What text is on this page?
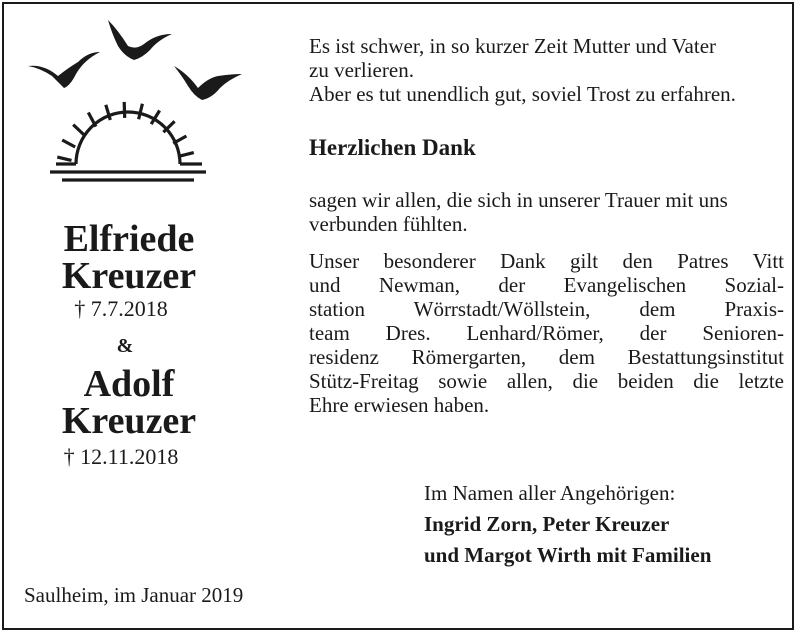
Elfriede
Kreuzer
† 7.7.2018
&
Adolf
Kreuzer
† 12.11.2018
Saulheim, im Januar 2019
Es ist schwer, in so kurzer Zeit Mutter und Vater
zu verlieren.
Aber es tut unendlich gut, soviel Trost zu erfahren.
Herzlichen Dank
sagen wir allen, die sich in unserer Trauer mit uns
verbunden fühlten.
Unser besonderer Dank gilt den Patres Vitt
und Newman, der Evangelischen Sozial-
station Wörrstadt/Wöllstein, dem Praxis-
team Dres. Lenhard/Römer, der Senioren-
residenz Römergarten, dem Bestattungsinstitut
Stütz-Freitag sowie allen, die beiden die letzte
Ehre erwiesen haben.
Im Namen aller Angehörigen:
Ingrid Zorn, Peter Kreuzer
und Margot Wirth mit Familien
